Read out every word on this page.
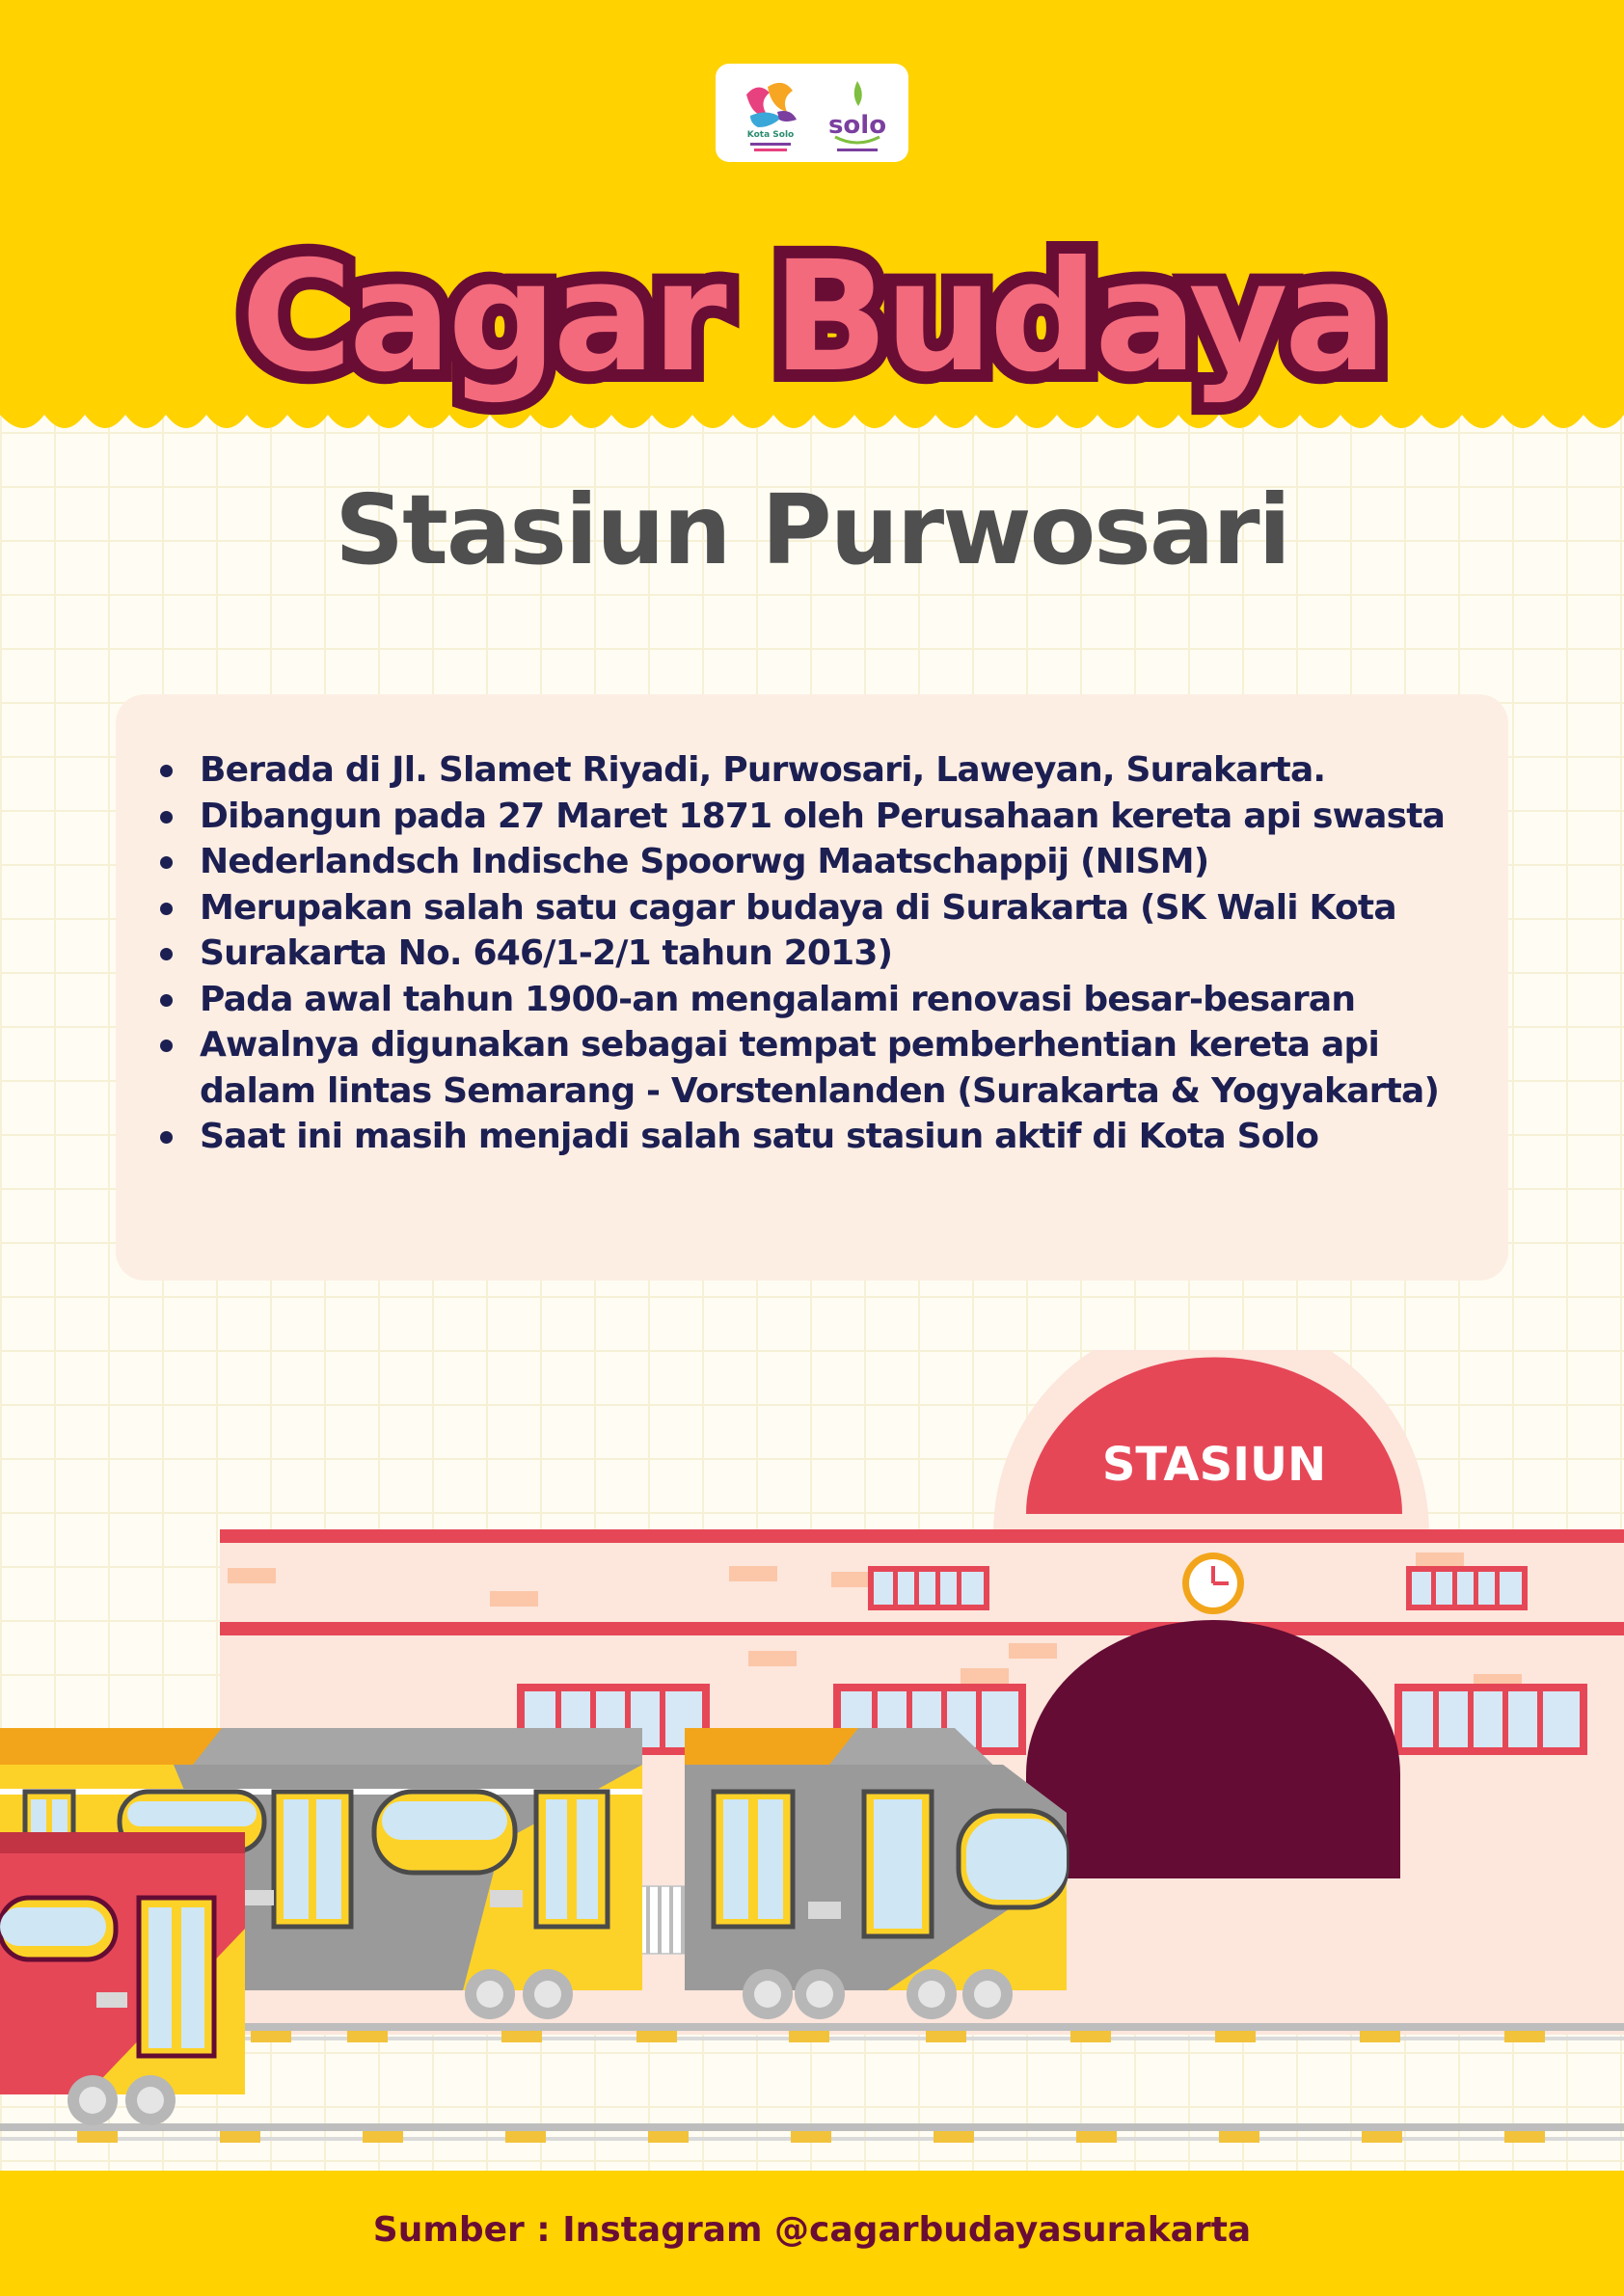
Kota Solo solo
Cagar Budaya
Stasiun Purwosari
Berada di Jl. Slamet Riyadi, Purwosari, Laweyan, Surakarta.
Dibangun pada 27 Maret 1871 oleh Perusahaan kereta api swasta
Nederlandsch Indische Spoorwg Maatschappij (NISM)
Merupakan salah satu cagar budaya di Surakarta (SK Wali Kota
Surakarta No. 646/1-2/1 tahun 2013)
Pada awal tahun 1900-an mengalami renovasi besar-besaran
Awalnya digunakan sebagai tempat pemberhentian kereta api dalam lintas Semarang - Vorstenlanden (Surakarta & Yogyakarta)
Saat ini masih menjadi salah satu stasiun aktif di Kota Solo
STASIUN
Sumber : Instagram @cagarbudayasurakarta
